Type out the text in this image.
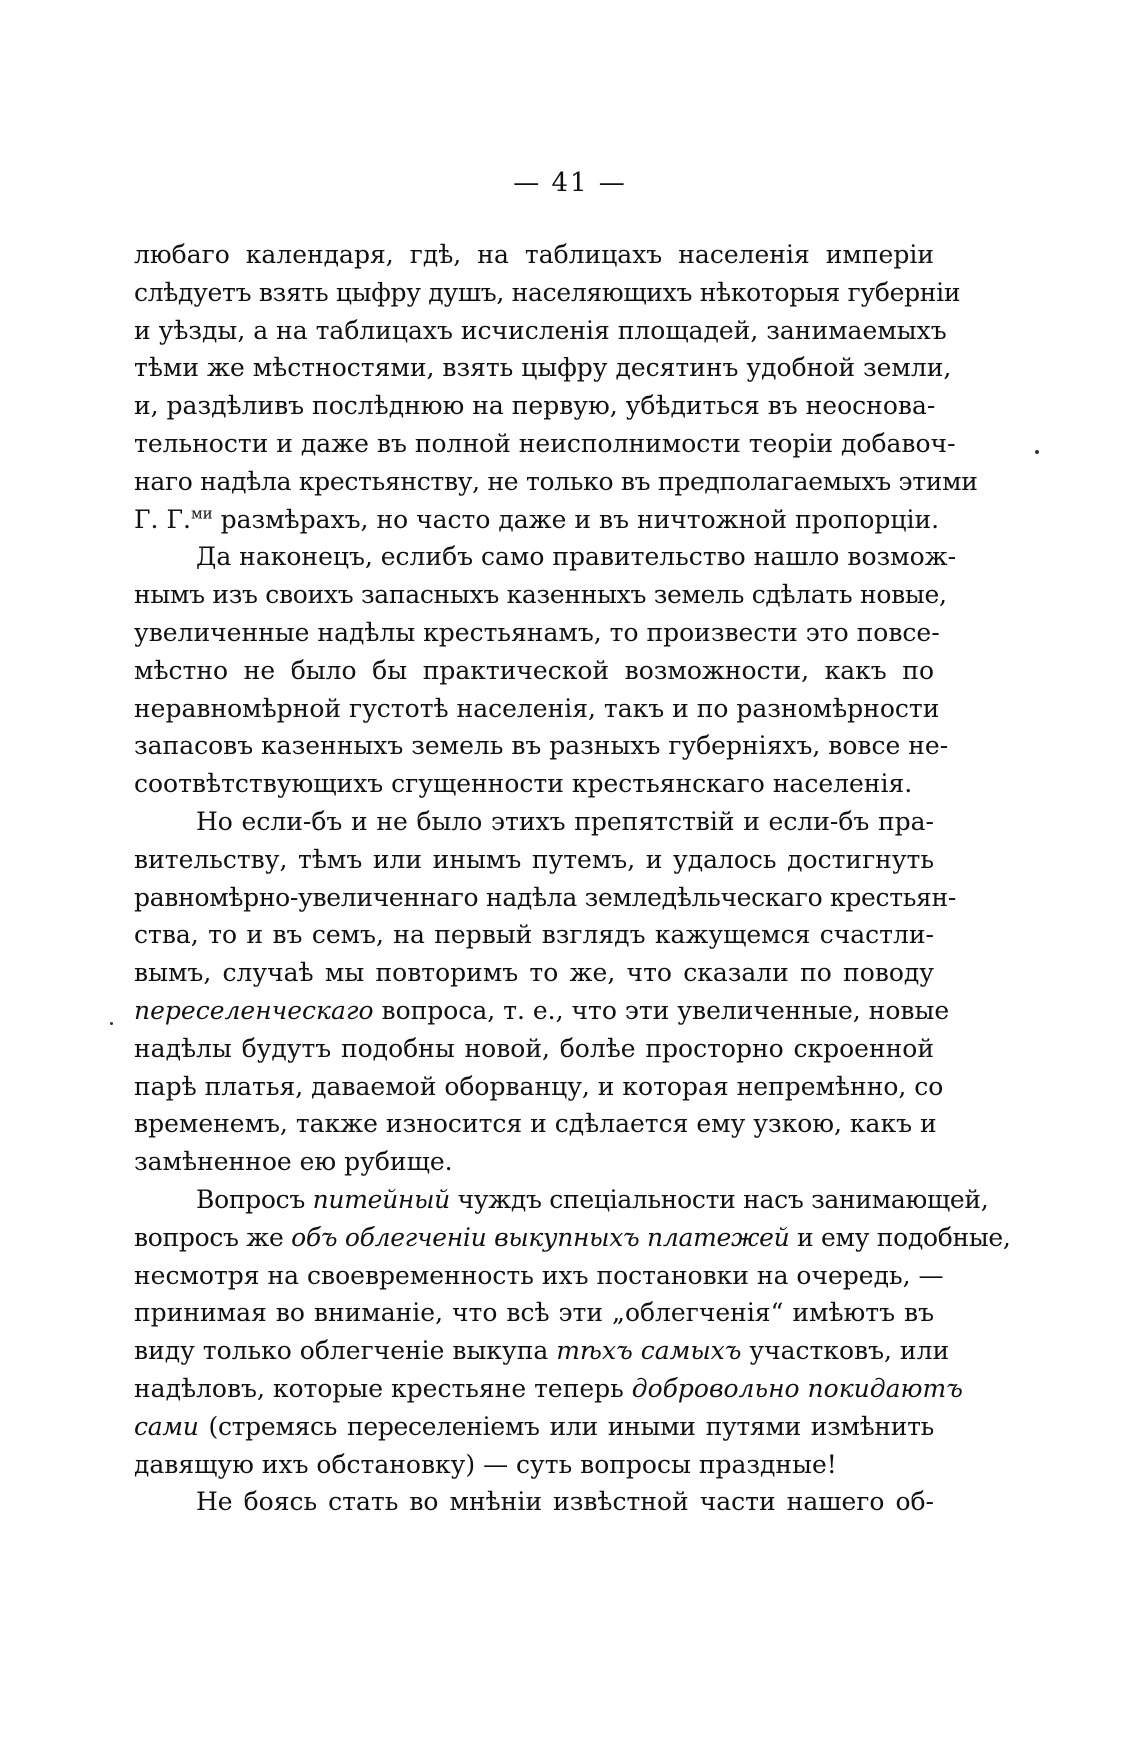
— 41 —
любаго календаря, гдѣ, на таблицахъ населенія имперіи
слѣдуетъ взять цыфру душъ, населяющихъ нѣкоторыя губерніи
и уѣзды, а на таблицахъ исчисленія площадей, занимаемыхъ
тѣми же мѣстностями, взять цыфру десятинъ удобной земли,
и, раздѣливъ послѣднюю на первую, убѣдиться въ неоснова-
тельности и даже въ полной неисполнимости теоріи добавоч-
наго надѣла крестьянству, не только въ предполагаемыхъ этими
Г. Г.$^{ми}$ размѣрахъ, но часто даже и въ ничтожной пропорціи.
Да наконецъ, еслибъ само правительство нашло возмож-
нымъ изъ своихъ запасныхъ казенныхъ земель сдѣлать новые,
увеличенные надѣлы крестьянамъ, то произвести это повсе-
мѣстно не было бы практической возможности, какъ по
неравномѣрной густотѣ населенія, такъ и по разномѣрности
запасовъ казенныхъ земель въ разныхъ губерніяхъ, вовсе не-
соотвѣтствующихъ сгущенности крестьянскаго населенія.
Но если-бъ и не было этихъ препятствій и если-бъ пра-
вительству, тѣмъ или инымъ путемъ, и удалось достигнуть
равномѣрно-увеличеннаго надѣла земледѣльческаго крестьян-
ства, то и въ семъ, на первый взглядъ кажущемся счастли-
вымъ, случаѣ мы повторимъ то же, что сказали по поводу
переселенческаго вопроса, т. е., что эти увеличенные, новые
надѣлы будутъ подобны новой, болѣе просторно скроенной
парѣ платья, даваемой оборванцу, и которая непремѣнно, со
временемъ, также износится и сдѣлается ему узкою, какъ и
замѣненное ею рубище.
Вопросъ питейный чуждъ спеціальности насъ занимающей,
вопросъ же объ облегченіи выкупныхъ платежей и ему подобные,
несмотря на своевременность ихъ постановки на очередь, —
принимая во вниманіе, что всѣ эти „облегченія“ имѣютъ въ
виду только облегченіе выкупа тѣхъ самыхъ участковъ, или
надѣловъ, которые крестьяне теперь добровольно покидаютъ
сами (стремясь переселеніемъ или иными путями измѣнить
давящую ихъ обстановку) — суть вопросы праздные!
Не боясь стать во мнѣніи извѣстной части нашего об-
